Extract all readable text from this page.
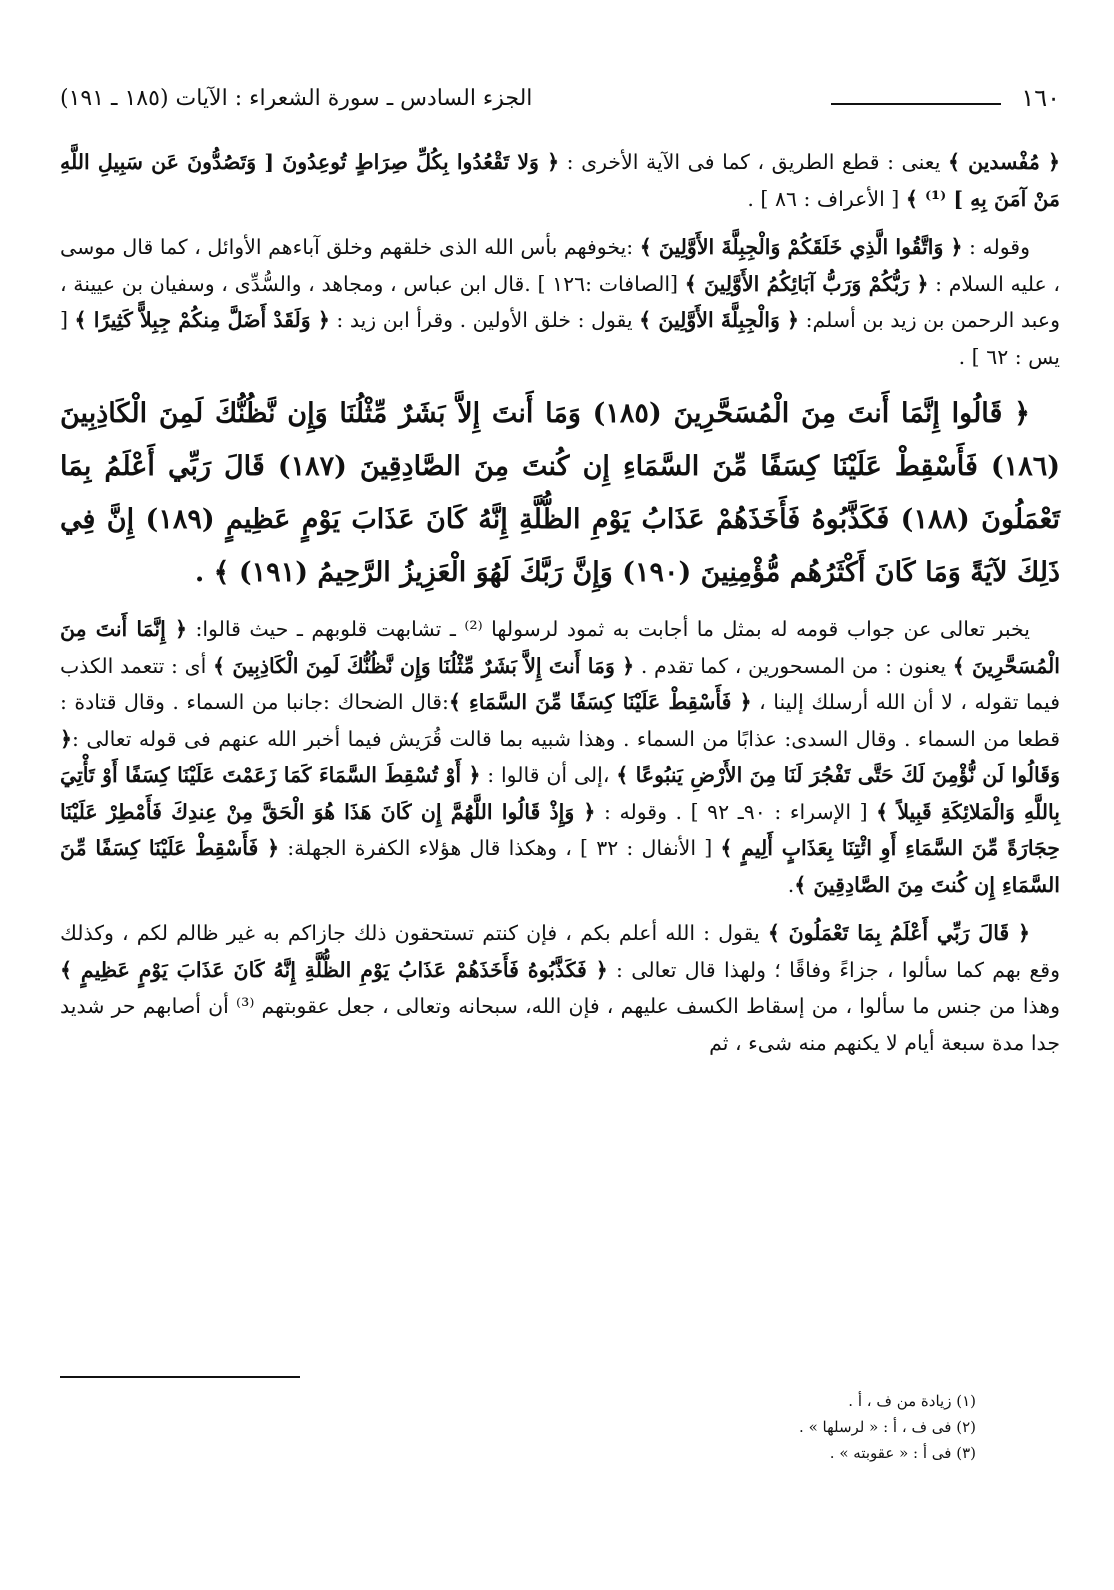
١٦٠
الجزء السادس ـ سورة الشعراء : الآيات (١٨٥ ـ ١٩١)

﴿ مُفْسدين ﴾ يعنى : قطع الطريق ، كما فى الآية الأخرى : ﴿ وَلا تَقْعُدُوا بِكُلِّ صِرَاطٍ تُوعِدُونَ [ وَتَصُدُّونَ عَن سَبِيلِ اللَّهِ مَنْ آمَنَ بِهِ ] ⁽¹⁾ ﴾ [ الأعراف : ٨٦ ] .

وقوله : ﴿ وَاتَّقُوا الَّذِي خَلَقَكُمْ وَالْجِبِلَّةَ الأَوَّلِينَ ﴾ :يخوفهم بأس الله الذى خلقهم وخلق آباءهم الأوائل ، كما قال موسى ، عليه السلام : ﴿ رَبُّكُمْ وَرَبُّ آبَائِكُمُ الأَوَّلِينَ ﴾ [الصافات :١٢٦ ] .قال ابن عباس ، ومجاهد ، والسُّدِّى ، وسفيان بن عيينة ، وعبد الرحمن بن زيد بن أسلم: ﴿ وَالْجِبِلَّةَ الأَوَّلِينَ ﴾ يقول : خلق الأولين . وقرأ ابن زيد : ﴿ وَلَقَدْ أَضَلَّ مِنكُمْ جِبِلاًّ كَثِيرًا ﴾ [ يس : ٦٢ ] .

﴿ قَالُوا إِنَّمَا أَنتَ مِنَ الْمُسَحَّرِينَ (١٨٥) وَمَا أَنتَ إِلاَّ بَشَرٌ مِّثْلُنَا وَإِن نَّظُنُّكَ لَمِنَ الْكَاذِبِينَ (١٨٦) فَأَسْقِطْ عَلَيْنَا كِسَفًا مِّنَ السَّمَاءِ إِن كُنتَ مِنَ الصَّادِقِينَ (١٨٧) قَالَ رَبِّي أَعْلَمُ بِمَا تَعْمَلُونَ (١٨٨) فَكَذَّبُوهُ فَأَخَذَهُمْ عَذَابُ يَوْمِ الظُّلَّةِ إِنَّهُ كَانَ عَذَابَ يَوْمٍ عَظِيمٍ (١٨٩) إِنَّ فِي ذَلِكَ لآيَةً وَمَا كَانَ أَكْثَرُهُم مُّؤْمِنِينَ (١٩٠) وَإِنَّ رَبَّكَ لَهُوَ الْعَزِيزُ الرَّحِيمُ (١٩١) ﴾ .

يخبر تعالى عن جواب قومه له بمثل ما أجابت به ثمود لرسولها ⁽²⁾ ـ تشابهت قلوبهم ـ حيث قالوا: ﴿ إِنَّمَا أَنتَ مِنَ الْمُسَحَّرِينَ ﴾ يعنون : من المسحورين ، كما تقدم . ﴿ وَمَا أَنتَ إِلاَّ بَشَرٌ مِّثْلُنَا وَإِن نَّظُنُّكَ لَمِنَ الْكَاذِبِينَ ﴾ أى : تتعمد الكذب فيما تقوله ، لا أن الله أرسلك إلينا ، ﴿ فَأَسْقِطْ عَلَيْنَا كِسَفًا مِّنَ السَّمَاءِ ﴾:قال الضحاك :جانبا من السماء . وقال قتادة : قطعا من السماء . وقال السدى: عذابًا من السماء . وهذا شبيه بما قالت قُرَيش فيما أخبر الله عنهم فى قوله تعالى :﴿ وَقَالُوا لَن نُّؤْمِنَ لَكَ حَتَّى تَفْجُرَ لَنَا مِنَ الأَرْضِ يَنبُوعًا ﴾ ،إلى أن قالوا : ﴿ أَوْ تُسْقِطَ السَّمَاءَ كَمَا زَعَمْتَ عَلَيْنَا كِسَفًا أَوْ تَأْتِيَ بِاللَّهِ وَالْمَلائِكَةِ قَبِيلاً ﴾ [ الإسراء : ٩٠ـ ٩٢ ] . وقوله : ﴿ وَإِذْ قَالُوا اللَّهُمَّ إِن كَانَ هَذَا هُوَ الْحَقَّ مِنْ عِندِكَ فَأَمْطِرْ عَلَيْنَا حِجَارَةً مِّنَ السَّمَاءِ أَوِ ائْتِنَا بِعَذَابٍ أَلِيمٍ ﴾ [ الأنفال : ٣٢ ] ، وهكذا قال هؤلاء الكفرة الجهلة: ﴿ فَأَسْقِطْ عَلَيْنَا كِسَفًا مِّنَ السَّمَاءِ إِن كُنتَ مِنَ الصَّادِقِينَ ﴾.

﴿ قَالَ رَبِّي أَعْلَمُ بِمَا تَعْمَلُونَ ﴾ يقول : الله أعلم بكم ، فإن كنتم تستحقون ذلك جازاكم به غير ظالم لكم ، وكذلك وقع بهم كما سألوا ، جزاءً وفاقًا ؛ ولهذا قال تعالى : ﴿ فَكَذَّبُوهُ فَأَخَذَهُمْ عَذَابُ يَوْمِ الظُّلَّةِ إِنَّهُ كَانَ عَذَابَ يَوْمٍ عَظِيمٍ ﴾ وهذا من جنس ما سألوا ، من إسقاط الكسف عليهم ، فإن الله، سبحانه وتعالى ، جعل عقوبتهم ⁽³⁾ أن أصابهم حر شديد جدا مدة سبعة أيام لا يكنهم منه شىء ، ثم

(١) زيادة من ف ، أ .
(٢) فى ف ، أ : « لرسلها » .
(٣) فى أ : « عقوبته » .
